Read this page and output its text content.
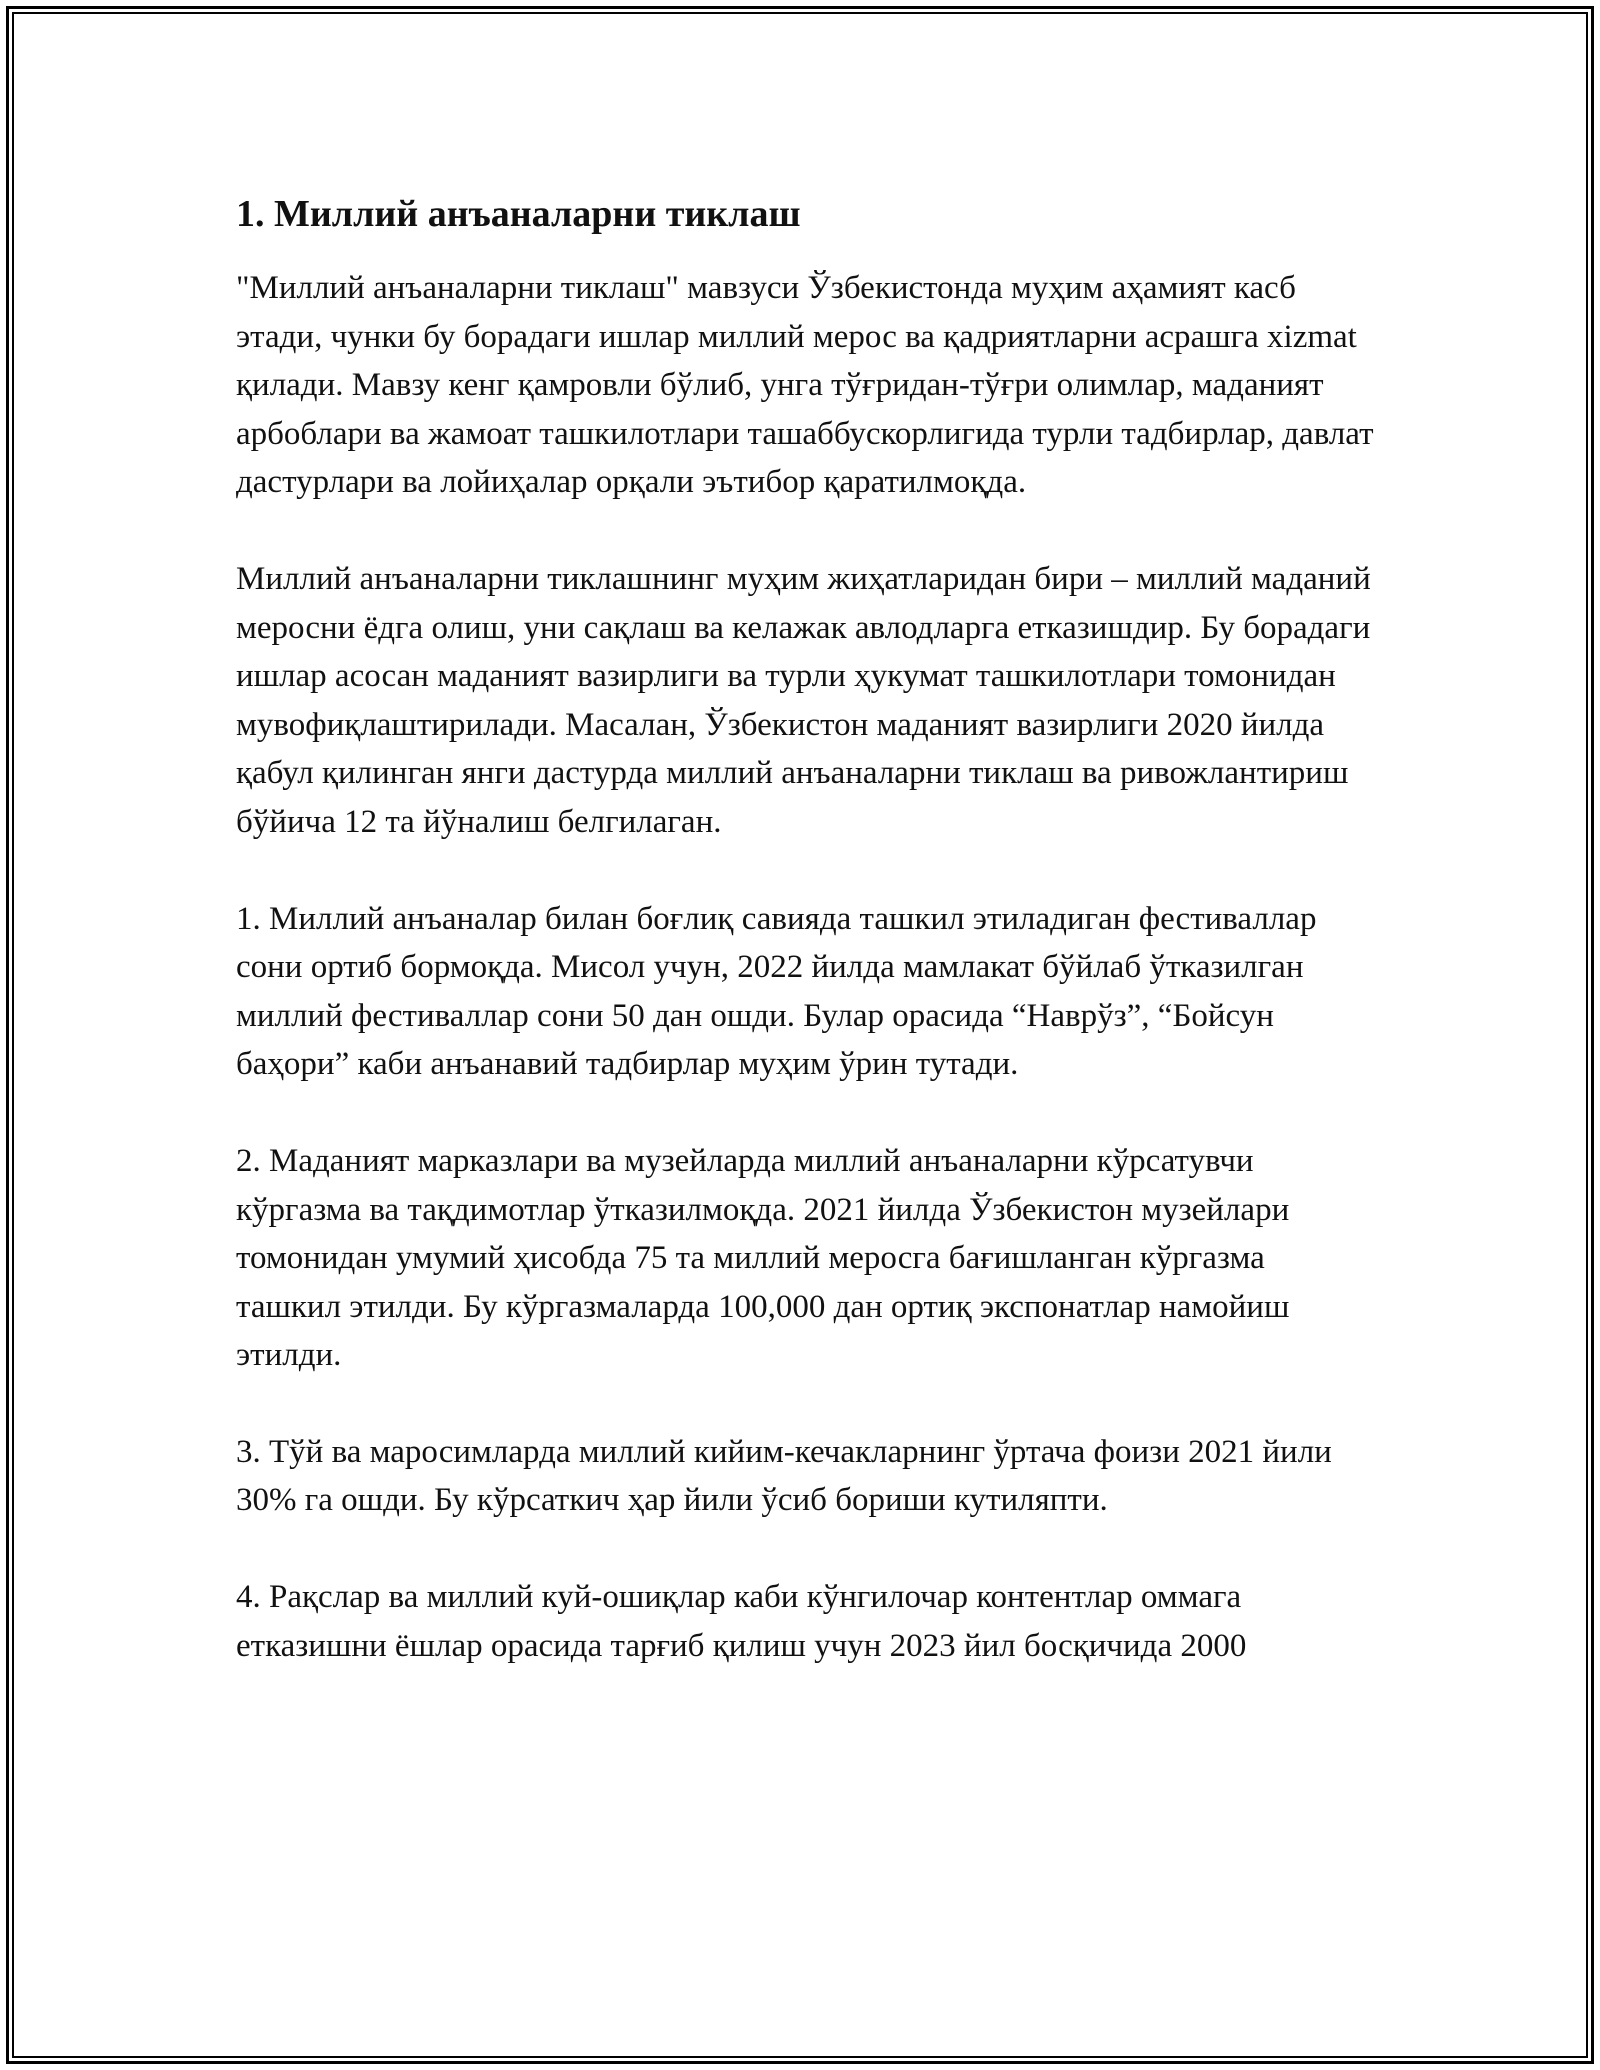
1. Миллий анъаналарни тиклаш

"Миллий анъаналарни тиклаш" мавзуси Ўзбекистонда муҳим аҳамият касб этади, чунки бу борадаги ишлар миллий мерос ва қадриятларни асрашга xizmat қилади. Мавзу кенг қамровли бўлиб, унга тўғридан-тўғри олимлар, маданият арбоблари ва жамоат ташкилотлари ташаббускорлигида турли тадбирлар, давлат дастурлари ва лойиҳалар орқали эътибор қаратилмоқда.

Миллий анъаналарни тиклашнинг муҳим жиҳатларидан бири – миллий маданий меросни ёдга олиш, уни сақлаш ва келажак авлодларга етказишдир. Бу борадаги ишлар асосан маданият вазирлиги ва турли ҳукумат ташкилотлари томонидан мувофиқлаштирилади. Масалан, Ўзбекистон маданият вазирлиги 2020 йилда қабул қилинган янги дастурда миллий анъаналарни тиклаш ва ривожлантириш бўйича 12 та йўналиш белгилаган.

1. Миллий анъаналар билан боғлиқ савияда ташкил этиладиган фестиваллар сони ортиб бормоқда. Мисол учун, 2022 йилда мамлакат бўйлаб ўтказилган миллий фестиваллар сони 50 дан ошди. Булар орасида “Наврўз”, “Бойсун баҳори” каби анъанавий тадбирлар муҳим ўрин тутади.

2. Маданият марказлари ва музейларда миллий анъаналарни кўрсатувчи кўргазма ва тақдимотлар ўтказилмоқда. 2021 йилда Ўзбекистон музейлари томонидан умумий ҳисобда 75 та миллий меросга бағишланган кўргазма ташкил этилди. Бу кўргазмаларда 100,000 дан ортиқ экспонатлар намойиш этилди.

3. Тўй ва маросимларда миллий кийим-кечакларнинг ўртача фоизи 2021 йили 30% га ошди. Бу кўрсаткич ҳар йили ўсиб бориши кутиляпти.

4. Рақслар ва миллий куй-ошиқлар каби кўнгилочар контентлар оммага етказишни ёшлар орасида тарғиб қилиш учун 2023 йил босқичида 2000
